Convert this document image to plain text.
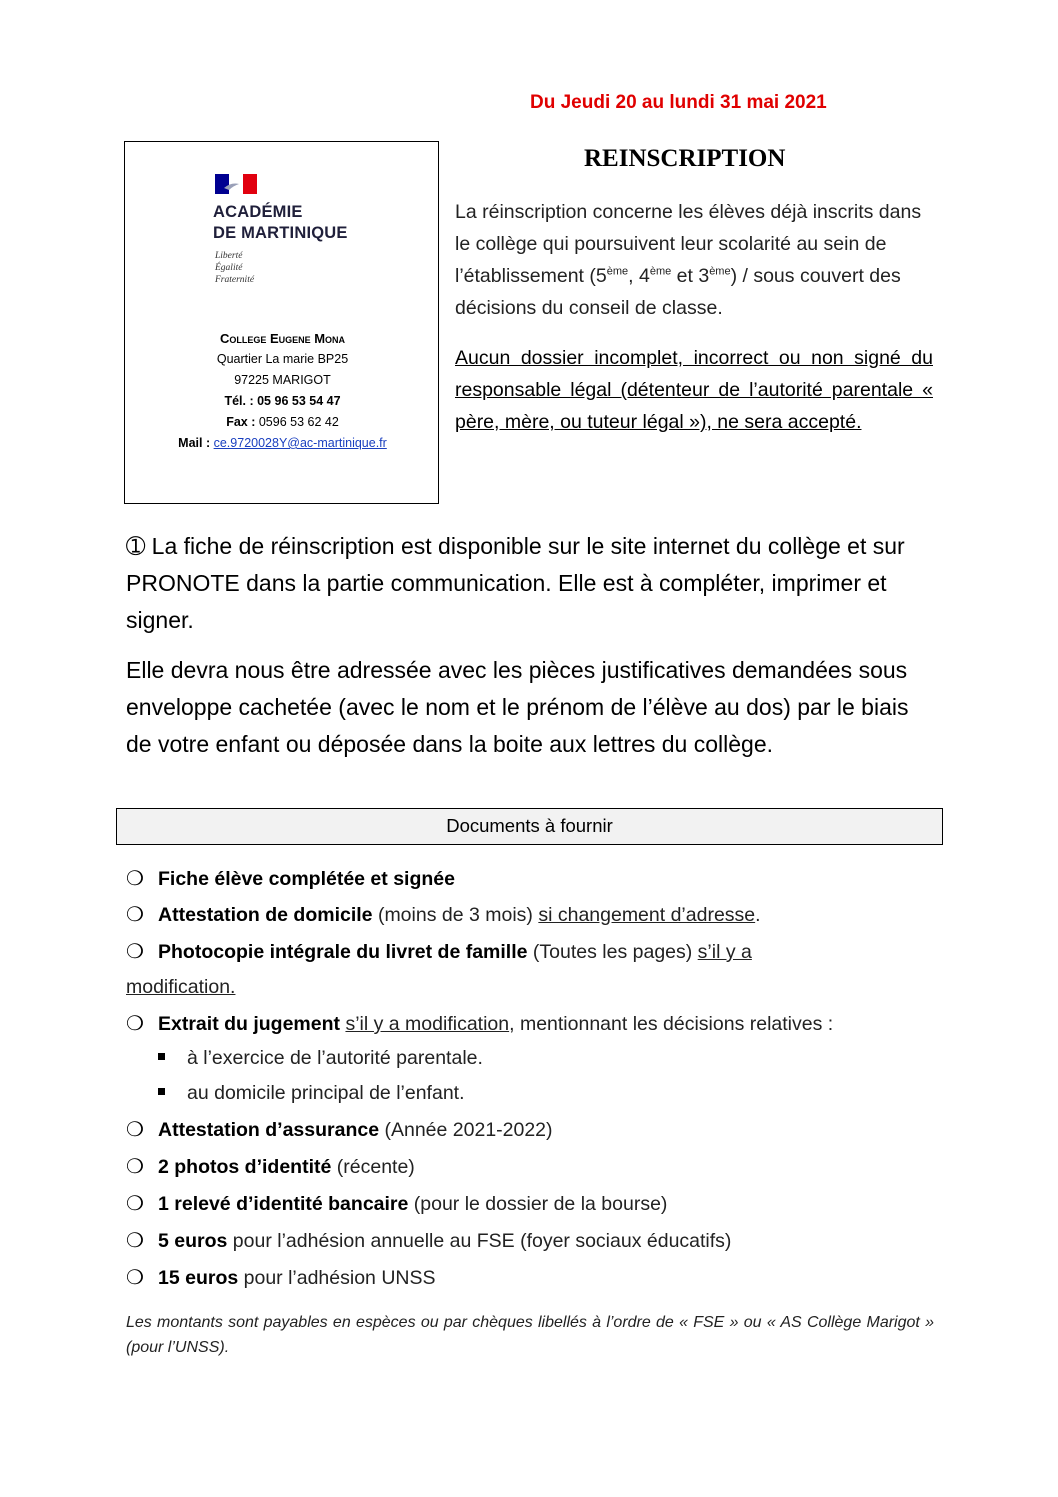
Du Jeudi 20 au lundi 31 mai 2021
ACADÉMIE
DE MARTINIQUE
Liberté
Égalité
Fraternité
College Eugene Mona
Quartier La marie BP25
97225 MARIGOT
Tél. : 05 96 53 54 47
Fax : 0596 53 62 42
Mail : ce.9720028Y@ac-martinique.fr
REINSCRIPTION
La réinscription concerne les élèves déjà inscrits dans le collège qui poursuivent leur scolarité au sein de l’établissement (5ème, 4ème et 3ème) / sous couvert des décisions du conseil de classe.
Aucun dossier incomplet, incorrect ou non signé du responsable légal (détenteur de l’autorité parentale « père, mère, ou tuteur légal »), ne sera accepté.
➀ La fiche de réinscription est disponible sur le site internet du collège et sur PRONOTE dans la partie communication. Elle est à compléter, imprimer et signer.
Elle devra nous être adressée avec les pièces justificatives demandées sous enveloppe cachetée (avec le nom et le prénom de l’élève au dos) par le biais de votre enfant ou déposée dans la boite aux lettres du collège.
Documents à fournir
❍ Fiche élève complétée et signée
❍ Attestation de domicile (moins de 3 mois) si changement d’adresse.
❍ Photocopie intégrale du livret de famille (Toutes les pages) s’il y a
modification.
❍ Extrait du jugement s’il y a modification, mentionnant les décisions relatives :
à l’exercice de l’autorité parentale.
au domicile principal de l’enfant.
❍ Attestation d’assurance (Année 2021-2022)
❍ 2 photos d’identité (récente)
❍ 1 relevé d’identité bancaire (pour le dossier de la bourse)
❍ 5 euros pour l’adhésion annuelle au FSE (foyer sociaux éducatifs)
❍ 15 euros pour l’adhésion UNSS
Les montants sont payables en espèces ou par chèques libellés à l’ordre de « FSE » ou « AS Collège Marigot » (pour l’UNSS).
